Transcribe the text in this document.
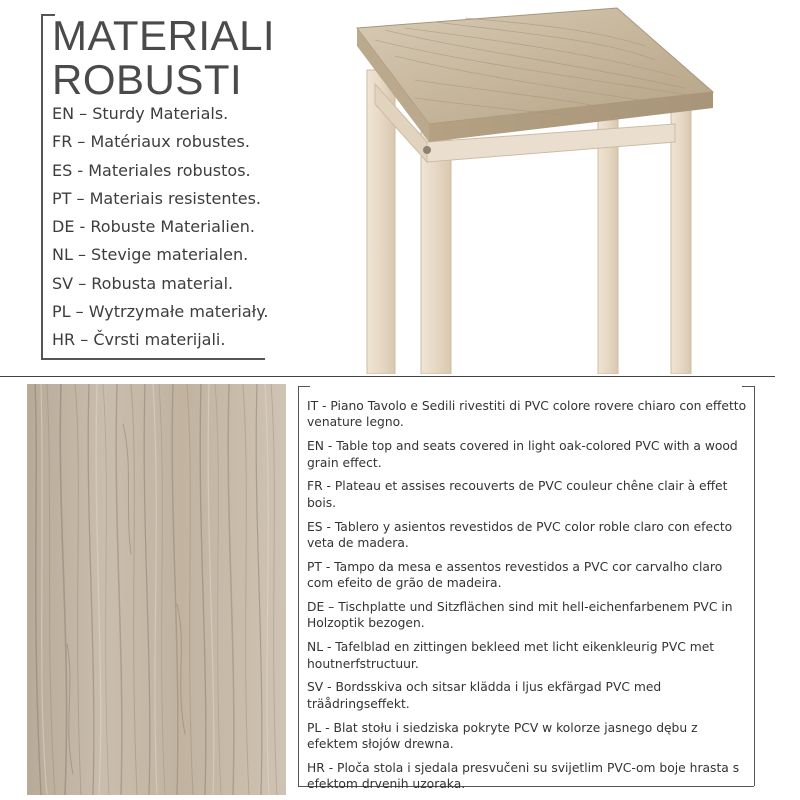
MATERIALI
ROBUSTI
EN – Sturdy Materials.
FR – Matériaux robustes.
ES - Materiales robustos.
PT – Materiais resistentes.
DE - Robuste Materialien.
NL – Stevige materialen.
SV – Robusta material.
PL – Wytrzymałe materiały.
HR – Čvrsti materijali.
IT - Piano Tavolo e Sedili rivestiti di PVC colore rovere chiaro con effetto venature legno.
EN - Table top and seats covered in light oak-colored PVC with a wood grain effect.
FR - Plateau et assises recouverts de PVC couleur chêne clair à effet bois.
ES - Tablero y asientos revestidos de PVC color roble claro con efecto veta de madera.
PT - Tampo da mesa e assentos revestidos a PVC cor carvalho claro com efeito de grão de madeira.
DE – Tischplatte und Sitzflächen sind mit hell-eichenfarbenem PVC in Holzoptik bezogen.
NL - Tafelblad en zittingen bekleed met licht eikenkleurig PVC met houtnerfstructuur.
SV - Bordsskiva och sitsar klädda i ljus ekfärgad PVC med träådringseffekt.
PL - Blat stołu i siedziska pokryte PCV w kolorze jasnego dębu z efektem słojów drewna.
HR - Ploča stola i sjedala presvučeni su svijetlim PVC-om boje hrasta s efektom drvenih uzoraka.
